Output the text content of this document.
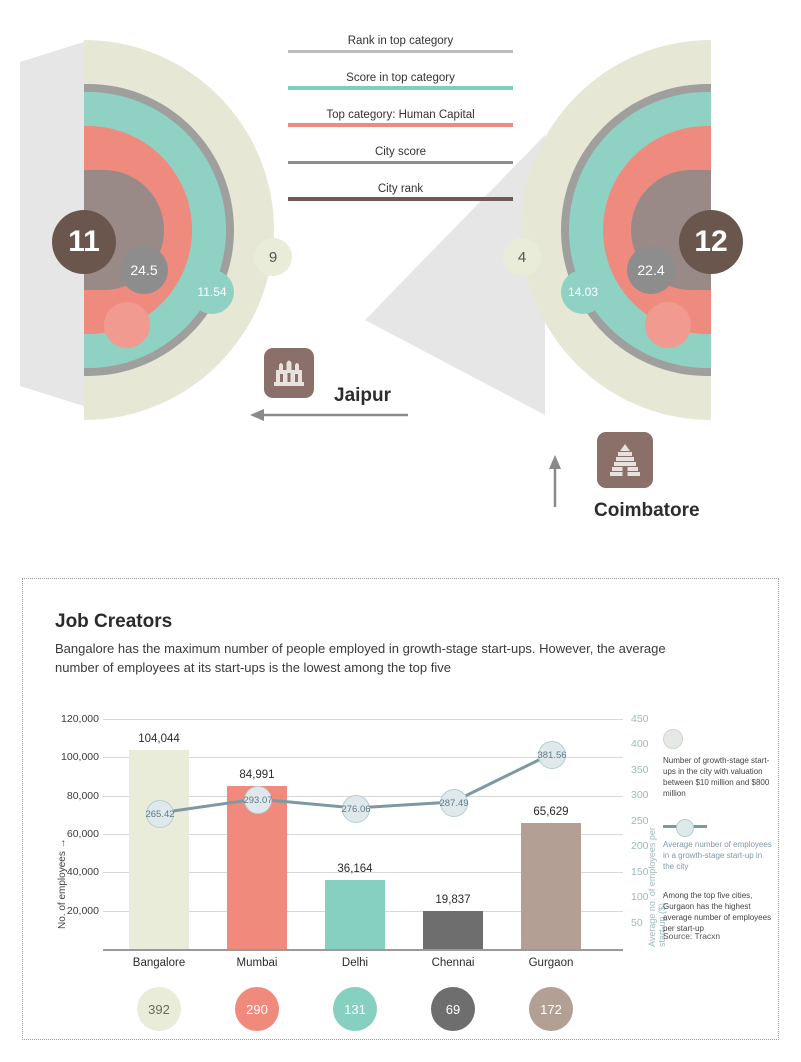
11	9
24.5
11.54
12
4
22.4
14.03
Rank in top category
Score in top category
Top category: Human Capital
City score
City rank
Jaipur
Coimbatore
Job Creators
Bangalore has the maximum number of people employed in growth-stage start-ups. However, the average number of employees at its start-ups is the lowest among the top five
No. of employees →	Average no. of employees per start-up ($) →
120,000
100,000
80,000
60,000
40,000
20,000
450
400
350
300
250
200
150
100
50
104,044
84,991
36,164
19,837
65,629
265.42
293.07
276.06
287.49
381.56
Bangalore	Mumbai	Delhi	Chennai	Gurgaon
392	290	131	69	172
Number of growth-stage start-ups in the city with valuation between $10 million and $800 million
Average number of employees in a growth-stage start-up in the city
Among the top five cities, Gurgaon has the highest average number of employees per start-up
Source: Tracxn
